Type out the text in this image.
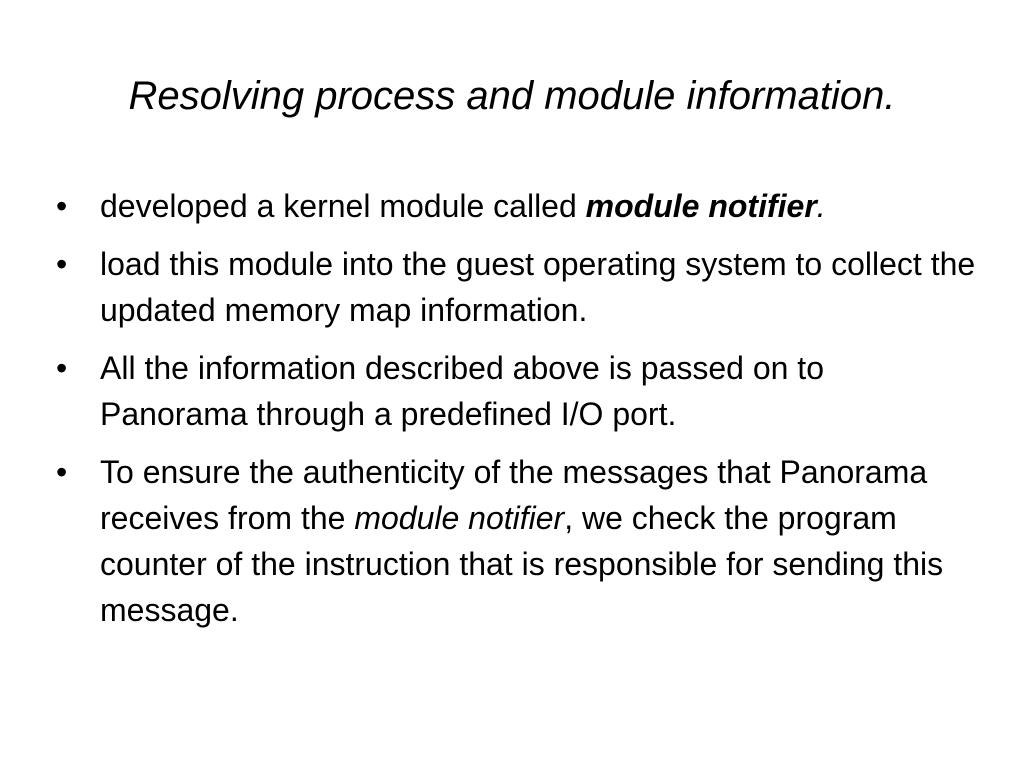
Resolving process and module information.
• developed a kernel module called module notifier.
• load this module into the guest operating system to collect the updated memory map information.
• All the information described above is passed on to Panorama through a predefined I/O port.
• To ensure the authenticity of the messages that Panorama receives from the module notifier, we check the program counter of the instruction that is responsible for sending this message.
